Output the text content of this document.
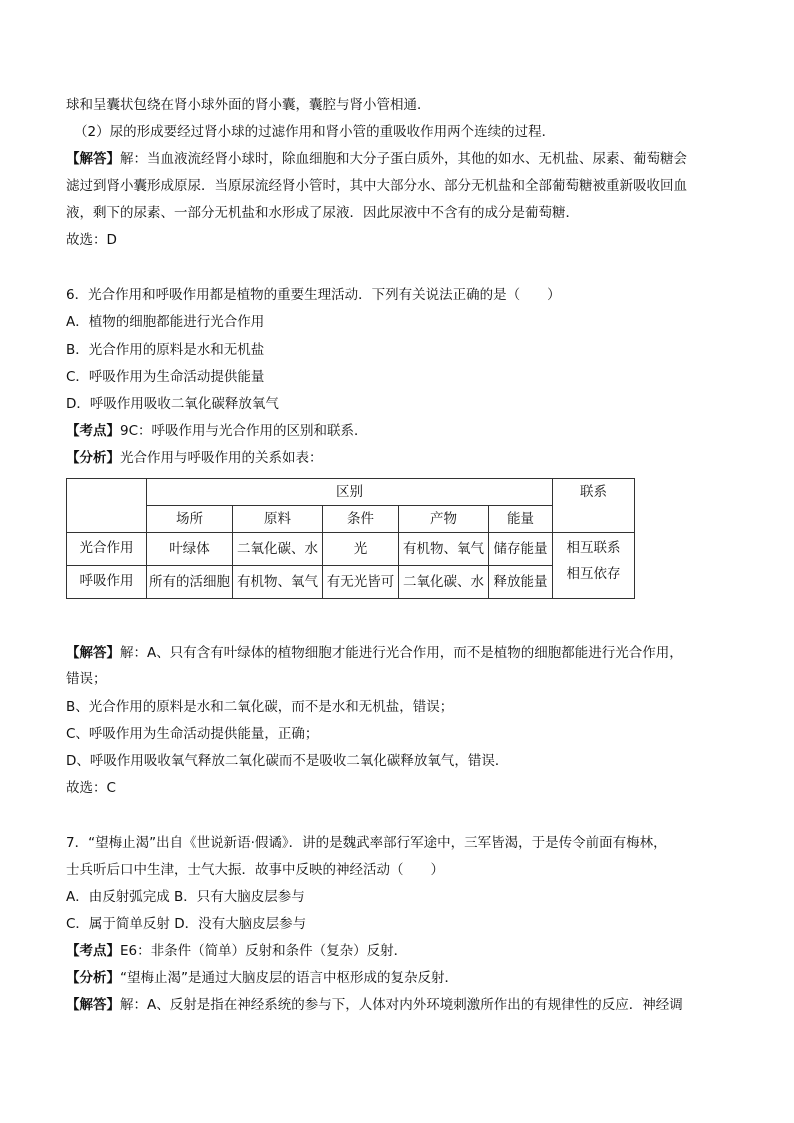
球和呈囊状包绕在肾小球外面的肾小囊，囊腔与肾小管相通．
（2）尿的形成要经过肾小球的过滤作用和肾小管的重吸收作用两个连续的过程．
【解答】解：当血液流经肾小球时，除血细胞和大分子蛋白质外，其他的如水、无机盐、尿素、葡萄糖会
滤过到肾小囊形成原尿．当原尿流经肾小管时，其中大部分水、部分无机盐和全部葡萄糖被重新吸收回血
液，剩下的尿素、一部分无机盐和水形成了尿液．因此尿液中不含有的成分是葡萄糖．
故选：D
6．光合作用和呼吸作用都是植物的重要生理活动．下列有关说法正确的是（　　）
A．植物的细胞都能进行光合作用
B．光合作用的原料是水和无机盐
C．呼吸作用为生命活动提供能量
D．呼吸作用吸收二氧化碳释放氧气
【考点】9C：呼吸作用与光合作用的区别和联系．
【分析】光合作用与呼吸作用的关系如表：
	区别					联系
	场所	原料	条件	产物	能量	
光合作用	叶绿体	二氧化碳、水	光	有机物、氧气	储存能量	相互联系
相互依存

呼吸作用	所有的活细胞	有机物、氧气	有无光皆可	二氧化碳、水	释放能量	
【解答】解：A、只有含有叶绿体的植物细胞才能进行光合作用，而不是植物的细胞都能进行光合作用，
错误；
B、光合作用的原料是水和二氧化碳，而不是水和无机盐，错误；
C、呼吸作用为生命活动提供能量，正确；
D、呼吸作用吸收氧气释放二氧化碳而不是吸收二氧化碳释放氧气，错误．
故选：C
7．“望梅止渴”出自《世说新语·假谲》．讲的是魏武率部行军途中，三军皆渴，于是传令前面有梅林，
士兵听后口中生津，士气大振．故事中反映的神经活动（　　）
A．由反射弧完成 B．只有大脑皮层参与
C．属于简单反射 D．没有大脑皮层参与
【考点】E6：非条件（简单）反射和条件（复杂）反射．
【分析】“望梅止渴”是通过大脑皮层的语言中枢形成的复杂反射．
【解答】解：A、反射是指在神经系统的参与下，人体对内外环境刺激所作出的有规律性的反应．神经调
